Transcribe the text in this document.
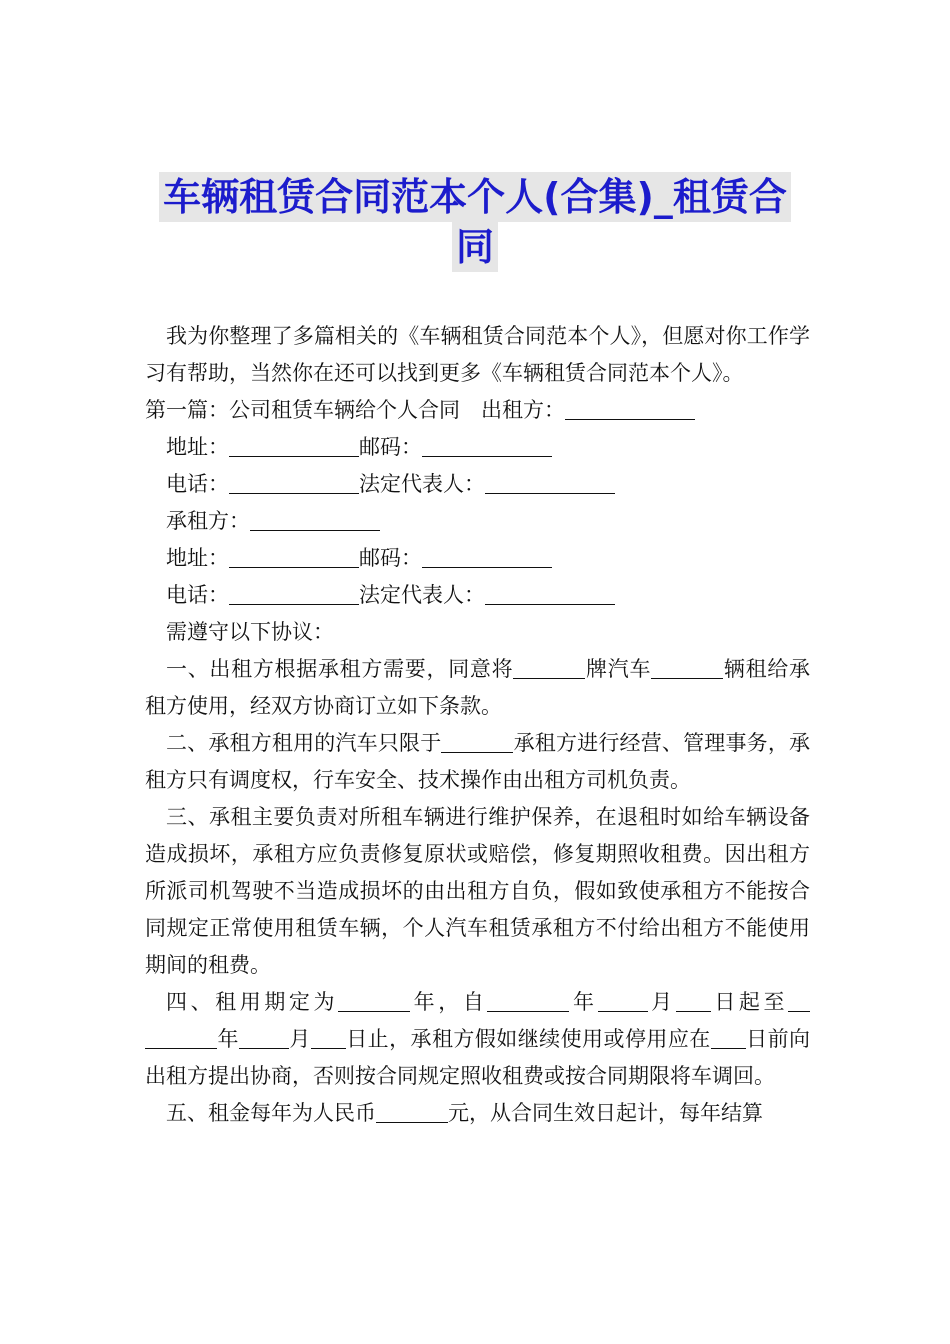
车辆租赁合同范本个人(合集)_租赁合
同

我为你整理了多篇相关的《车辆租赁合同范本个人》，但愿对你工作学习有帮助，当然你在还可以找到更多《车辆租赁合同范本个人》。

第一篇：公司租赁车辆给个人合同　 出租方：

地址：	邮码：

电话：	法定代表人：

承租方：

地址：	邮码：

电话：	法定代表人：

需遵守以下协议：

一、出租方根据承租方需要，同意将	牌汽车	辆租给承租方使用，经双方协商订立如下条款。

二、承租方租用的汽车只限于	承租方进行经营、管理事务，承租方只有调度权，行车安全、技术操作由出租方司机负责。

三、承租主要负责对所租车辆进行维护保养，在退租时如给车辆设备造成损坏，承租方应负责修复原状或赔偿，修复期照收租费。因出租方所派司机驾驶不当造成损坏的由出租方自负，假如致使承租方不能按合同规定正常使用租赁车辆，个人汽车租赁承租方不付给出租方不能使用期间的租费。

四、租用期定为	年，自	年 月 日起至年 月 日止，承租方假如继续使用或停用应在 日前向出租方提出协商，否则按合同规定照收租费或按合同期限将车调回。

五、租金每年为人民币	元，从合同生效日起计，每年结算
